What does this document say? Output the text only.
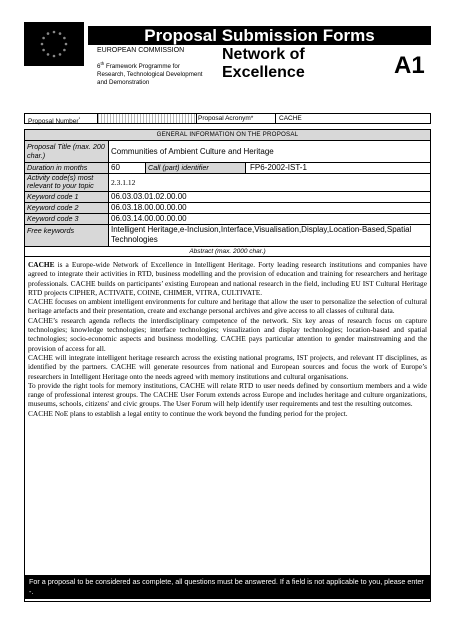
Proposal Submission Forms
EUROPEAN COMMISSION
6th Framework Programme for Research, Technological Development and Demonstration
Network of Excellence	A1
Proposal Number$^{^1}$	Proposal Acronym*	CACHE
GENERAL INFORMATION ON THE PROPOSAL
Proposal Title (max. 200 char.)	Communities of Ambient Culture and Heritage
Duration in months	60	Call (part) identifier	FP6-2002-IST-1
Activity code(s) most relevant to your topic	2.3.1.12
Keyword code 1	06.03.03.01.02.00.00
Keyword code 2	06.03.18.00.00.00.00
Keyword code 3	06.03.14.00.00.00.00
Free keywords	Intelligent Heritage,e-Inclusion,Interface,Visualisation,Display,Location-Based,Spatial Technologies
Abstract (max. 2000 char.)

CACHE is a Europe-wide Network of Excellence in Intelligent Heritage. Forty leading research institutions and companies have agreed to integrate their activities in RTD, business modelling and the provision of education and training for researchers and heritage professionals. CACHE builds on participants’ existing European and national research in the field, including EU IST Cultural Heritage RTD projects CIPHER, ACTIVATE, COINE, CHIMER, VITRA, CULTIVATE.

CACHE focuses on ambient intelligent environments for culture and heritage that allow the user to personalize the selection of cultural heritage artefacts and their presentation, create and exchange personal archives and give access to all classes of cultural data.

CACHE’s research agenda reflects the interdisciplinary competence of the network. Six key areas of research focus on capture technologies; knowledge technologies; interface technologies; visualization and display technologies; location-based and spatial technologies; socio-economic aspects and business modelling. CACHE pays particular attention to gender mainstreaming and the provision of access for all.

CACHE will integrate intelligent heritage research across the existing national programs, IST projects, and relevant IT disciplines, as identified by the partners. CACHE will generate resources from national and European sources and focus the work of Europe’s researchers in Intelligent Heritage onto the needs agreed with memory institutions and cultural organisations.

To provide the right tools for memory institutions, CACHE will relate RTD to user needs defined by consortium members and a wide range of professional interest groups. The CACHE User Forum extends across Europe and includes heritage and culture organizations, museums, schools, citizens' and civic groups. The User Forum will help identify user requirements and test the resulting outcomes.

CACHE NoE plans to establish a legal entity to continue the work beyond the funding period for the project.

For a proposal to be considered as complete, all questions must be answered. If a field is not applicable to you, please enter -.
